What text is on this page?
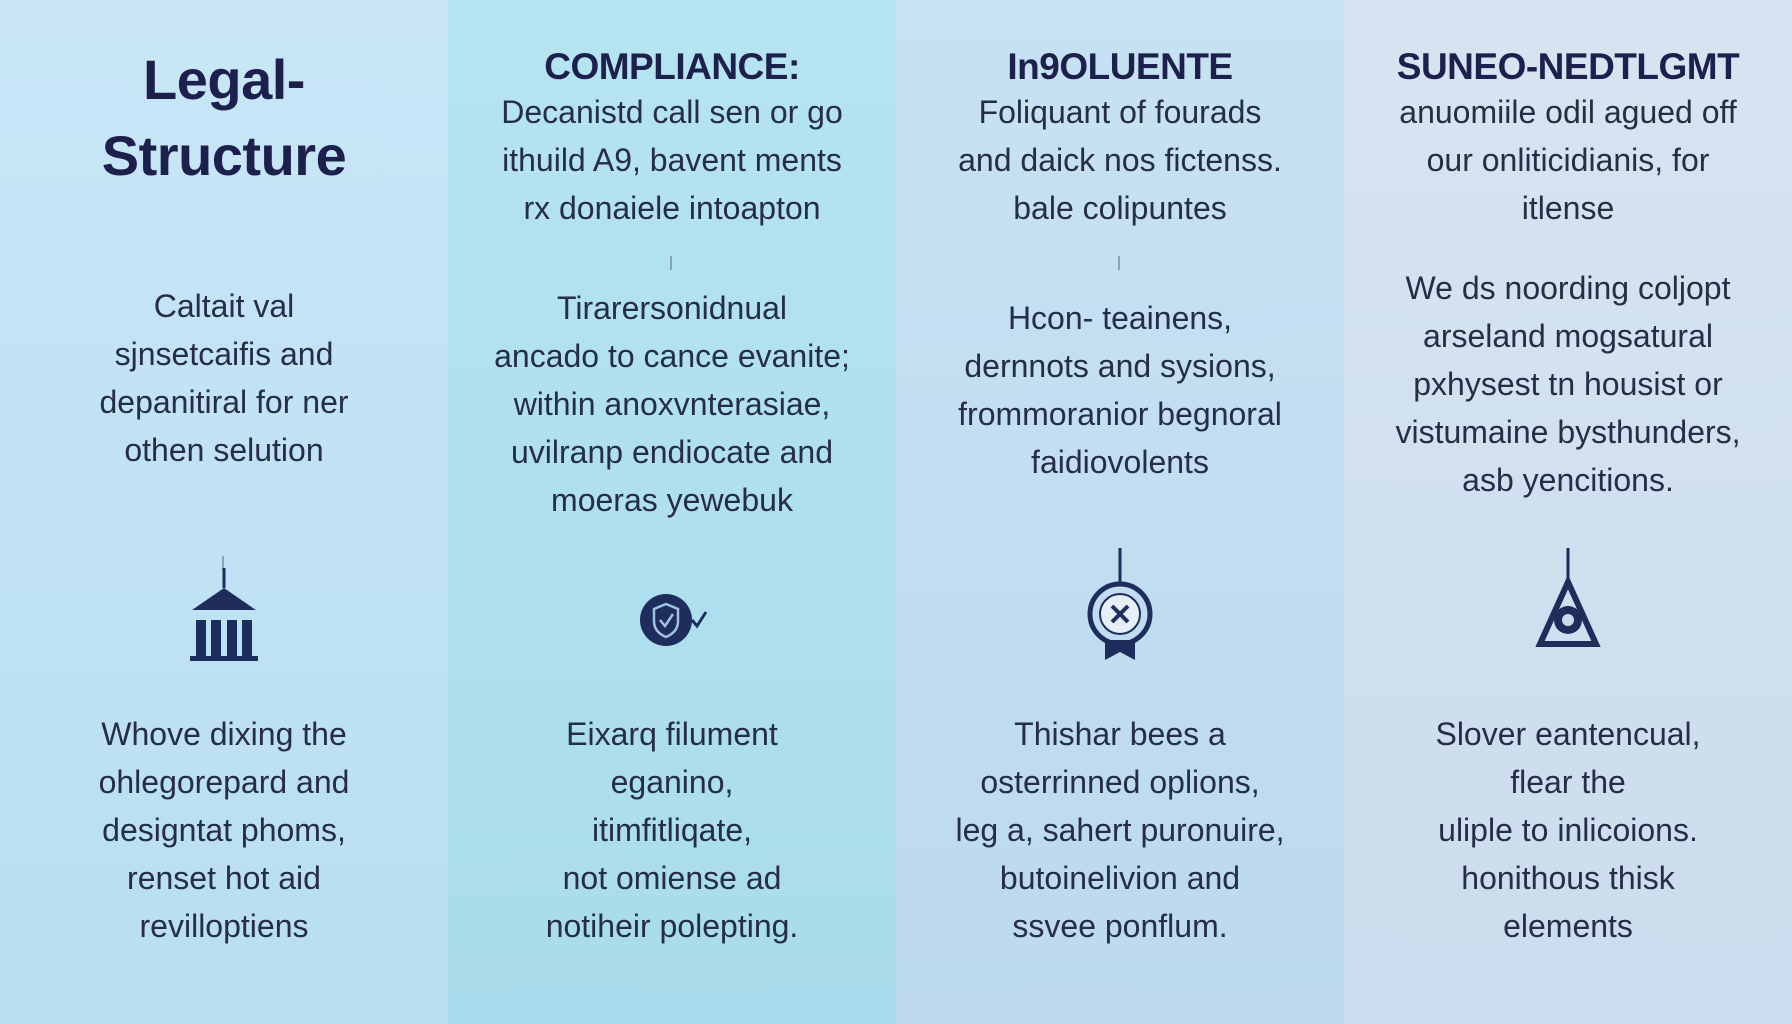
Legal-
Structure
Caltait val
sjnsetcaifis and
depanitiral for ner
othen selution
Whove dixing the
ohlegorepard and
designtat phoms,
renset hot aid
revilloptiens
COMPLIANCE:
Decanistd call sen or go
ithuild A9, bavent ments
rx donaiele intoapton
Tirarersonidnual
ancado to cance evanite;
within anoxvnterasiae,
uvilranp endiocate and
moeras yewebuk
Eixarq filument
eganino,
itimfitliqate,
not omiense ad
notiheir polepting.
In9OLUENTE
Foliquant of fourads
and daick nos fictenss.
bale colipuntes
Hcon- teainens,
dernnots and sysions,
frommoranior begnoral
faidiovolents
Thishar bees a
osterrinned oplions,
leg a, sahert puronuire,
butoinelivion and
ssvee ponflum.
SUNEO-NEDTLGMT
anuomiile odil agued off
our onliticidianis, for
itlense
We ds noording coljopt
arseland mogsatural
pxhysest tn housist or
vistumaine bysthunders,
asb yencitions.
Slover eantencual,
flear the
uliple to inlicoions.
honithous thisk
elements
